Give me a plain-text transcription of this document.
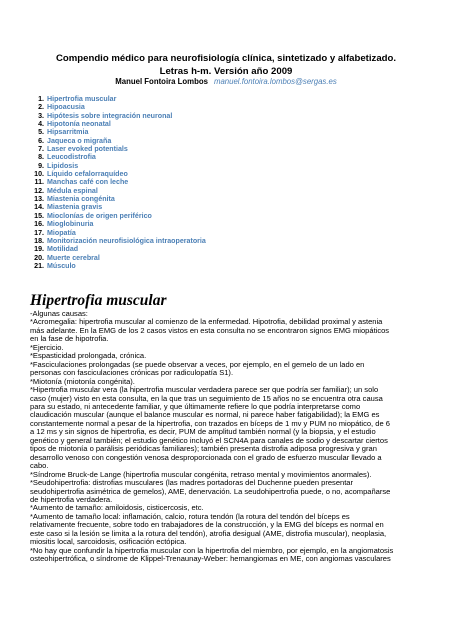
Compendio médico para neurofisiología clínica, sintetizado y alfabetizado.
Letras h-m. Versión año 2009
Manuel Fontoira Lombos manuel.fontoira.lombos@sergas.es
1. Hipertrofia muscular
2. Hipoacusia
3. Hipótesis sobre integración neuronal
4. Hipotonía neonatal
5. Hipsarritmia
6. Jaqueca o migraña
7. Laser evoked potentials
8. Leucodistrofia
9. Lipidosis
10. Líquido cefalorraquídeo
11. Manchas café con leche
12. Médula espinal
13. Miastenia congénita
14. Miastenia gravis
15. Mioclonías de origen periférico
16. Mioglobinuria
17. Miopatía
18. Monitorización neurofisiológica intraoperatoria
19. Motilidad
20. Muerte cerebral
21. Músculo
Hipertrofia muscular

-Algunas causas:

*Acromegalia: hipertrofia muscular al comienzo de la enfermedad. Hipotrofia, debilidad proximal y astenia

más adelante. En la EMG de los 2 casos vistos en esta consulta no se encontraron signos EMG miopáticos

en la fase de hipotrofia.

*Ejercicio.

*Espasticidad prolongada, crónica.

*Fasciculaciones prolongadas (se puede observar a veces, por ejemplo, en el gemelo de un lado en

personas con fasciculaciones crónicas por radiculopatía S1).

*Miotonía (miotonía congénita).

*Hipertrofia muscular vera (la hipertrofia muscular verdadera parece ser que podría ser familiar); un solo

caso (mujer) visto en esta consulta, en la que tras un seguimiento de 15 años no se encuentra otra causa

para su estado, ni antecedente familiar, y que últimamente refiere lo que podría interpretarse como

claudicación muscular (aunque el balance muscular es normal, ni parece haber fatigabilidad); la EMG es

constantemente normal a pesar de la hipertrofia, con trazados en bíceps de 1 mv y PUM no miopático, de 6

a 12 ms y sin signos de hipertrofia, es decir, PUM de amplitud también normal (y la biopsia, y el estudio

genético y general también; el estudio genético incluyó el SCN4A para canales de sodio y descartar ciertos

tipos de miotonía o parálisis periódicas familiares); también presenta distrofia adiposa progresiva y gran

desarrollo venoso con congestión venosa desproporcionada con el grado de esfuerzo muscular llevado a

cabo.

*Síndrome Bruck-de Lange (hipertrofia muscular congénita, retraso mental y movimientos anormales).

*Seudohipertrofia: distrofias musculares (las madres portadoras del Duchenne pueden presentar

seudohipertrofia asimétrica de gemelos), AME, denervación. La seudohipertrofia puede, o no, acompañarse

de hipertrofia verdadera.

*Aumento de tamaño: amiloidosis, cisticercosis, etc.

*Aumento de tamaño local: inflamación, calcio, rotura tendón (la rotura del tendón del bíceps es

relativamente frecuente, sobre todo en trabajadores de la construcción, y la EMG del bíceps es normal en

este caso si la lesión se limita a la rotura del tendón), atrofia desigual (AME, distrofia muscular), neoplasia,

miositis local, sarcoidosis, osificación ectópica.

*No hay que confundir la hipertrofia muscular con la hipertrofia del miembro, por ejemplo, en la angiomatosis

osteohipertrófica, o síndrome de Klippel-Trenaunay-Weber: hemangiomas en ME, con angiomas vasculares
